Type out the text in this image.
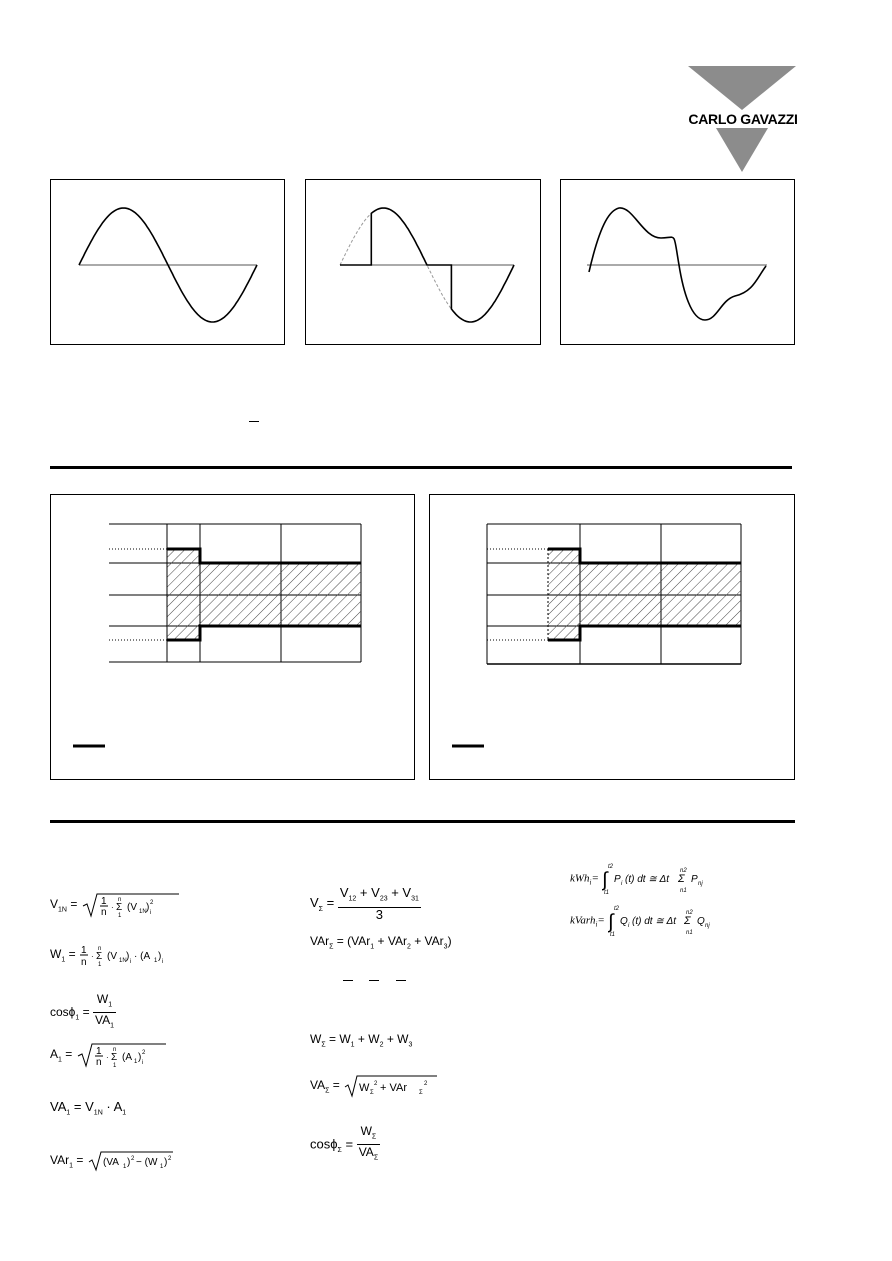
CARLO GAVAZZI
$V_{1N} = 1$
n · Σ
n
1
(V 1N ) 2
i
$W_1 = 1$
n
· Σ
n
1
(V 1N ) i · (A 1 ) i
$\cos\phi_1 = \frac{W_1}{VA_1}$
$A_1 = 1$
n · Σ
n
1
(A 1 ) 2
i
$VA_1 = V_{1N} \cdot A_1$
VAr$_1$ = (VA 1 ) 2 − (W 1 ) 2
$V_\Sigma = \frac{V_{12} + V_{23} + V_{31}}{3}$
VAr$_\Sigma$ = (VAr$_1$ + VAr$_2$ + VAr$_3$)
$W_\Sigma = W_1 + W_2 + W_3$
$VA_\Sigma = W$ Σ
2 + VAr Σ
2
$\cos\phi_\Sigma = \frac{W_\Sigma}{VA_\Sigma}$
kWh$_i$= ∫
t2
t1
P i (t) dt ≅ Δt Σ
n2
n1
P nj
kVarh$_i$= ∫
t2
t1
Q i (t) dt ≅ Δt Σ
n2
n1
Q nj
